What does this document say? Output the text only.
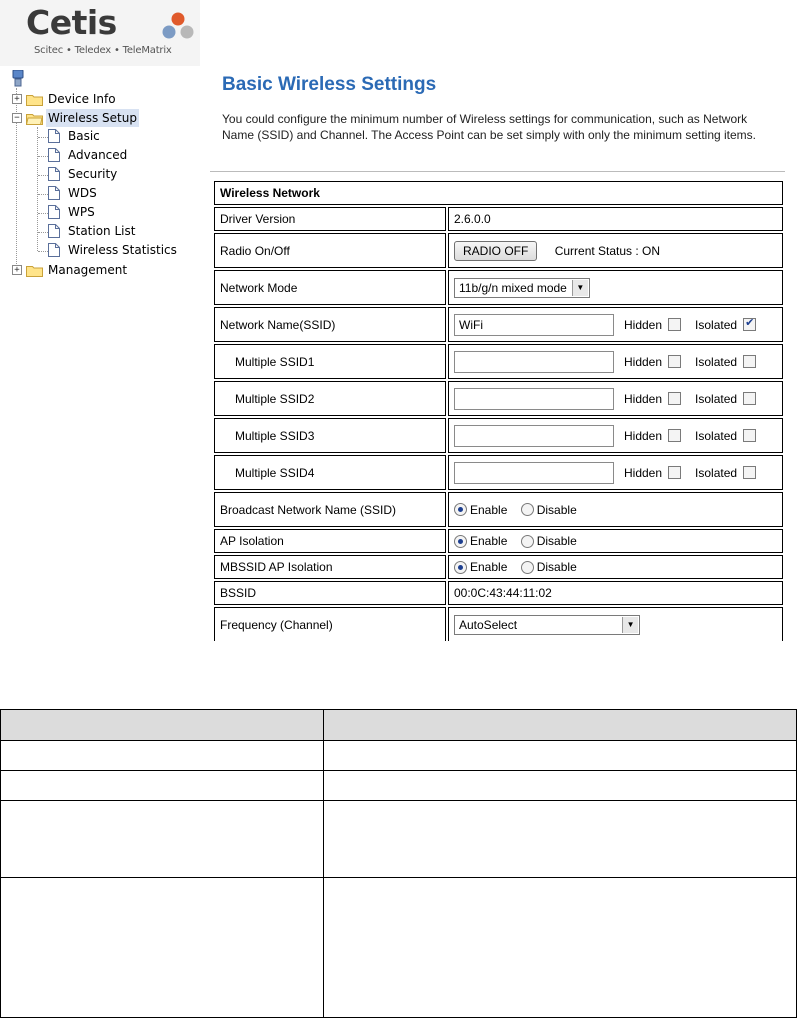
Cetis
Scitec • Teledex • TeleMatrix
+ Device Info
− Wireless Setup
Basic
Advanced
Security
WDS
WPS
Station List
Wireless Statistics
+ Management
Basic Wireless Settings
You could configure the minimum number of Wireless settings for communication, such as Network Name (SSID) and Channel. The Access Point can be set simply with only the minimum setting items.
Wireless Network	
Driver Version	2.6.0.0
Radio On/Off	RADIO OFF Current Status : ON
Network Mode	11b/g/n mixed mode ▼

Network Name(SSID)	WiFi Hidden Isolated✔
Multiple SSID1	Hidden Isolated
Multiple SSID2	Hidden Isolated
Multiple SSID3	Hidden Isolated
Multiple SSID4	Hidden Isolated
Broadcast Network Name (SSID)	Enable Disable
AP Isolation	Enable Disable
MBSSID AP Isolation	Enable Disable
BSSID	00:0C:43:44:11:02
Frequency (Channel)	AutoSelect ▼
